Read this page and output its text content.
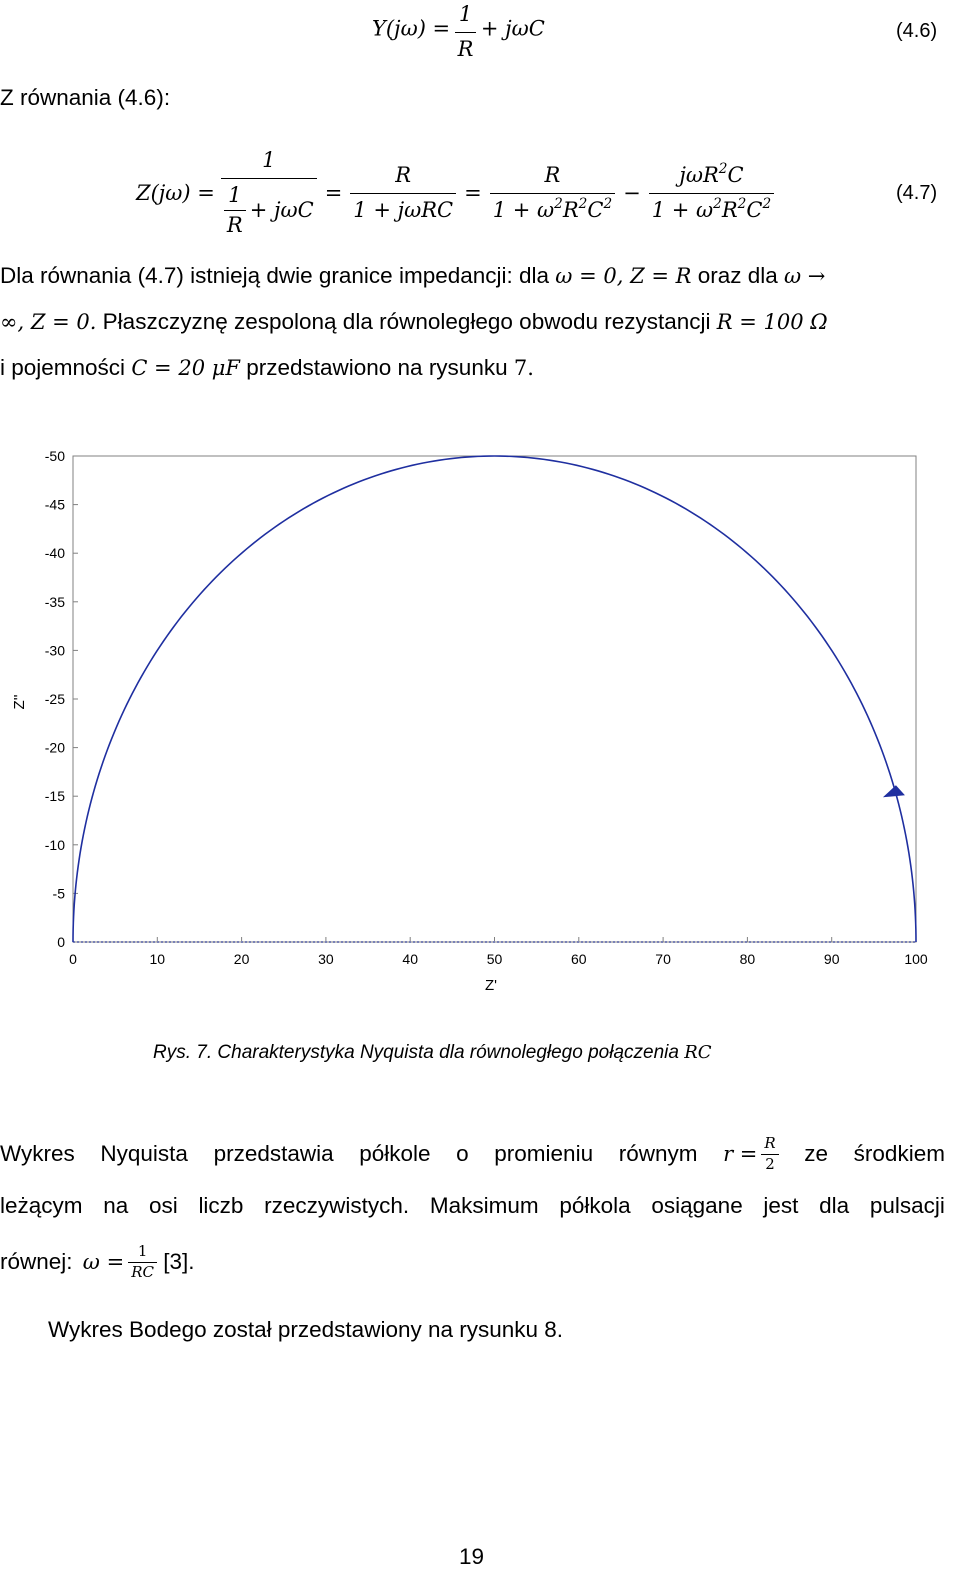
$Y(j\omega) = \frac{1}{R} + j\omega C$	(4.6)
Z równania (4.6):
$Z(j\omega) = \frac{1}{\frac{1}{R} + j\omega C} = \frac{R}{\text{1 + jωRC}} = \frac{R}{1 + \omega^2R^2C^2} - \frac{j\omega R^2C}{1 + \omega^2R^2C^2}$	(4.7)
Dla równania (4.7) istnieją dwie granice impedancji: dla ω = 0, Z = R oraz dla ω →
∞, Z = 0. Płaszczyznę zespoloną dla równoległego obwodu rezystancji R = 100 Ω
i pojemności C = 20 μF przedstawiono na rysunku 7.
0	10	20	30	40	50	60	70	80	90	100
-50
-45
-40
-35
-30
-25
-20
-15
-10
-5
0
Z'
Z''
Rys. 7. Charakterystyka Nyquista dla równoległego połączenia RC
Wykres Nyquista przedstawia półkole o promieniu równym $r = \frac{R}{2}$ ze środkiem
leżącym na osi liczb rzeczywistych. Maksimum półkola osiągane jest dla pulsacji
równej: $\omega = \frac{1}{RC} [3]$.
Wykres Bodego został przedstawiony na rysunku 8.
19
